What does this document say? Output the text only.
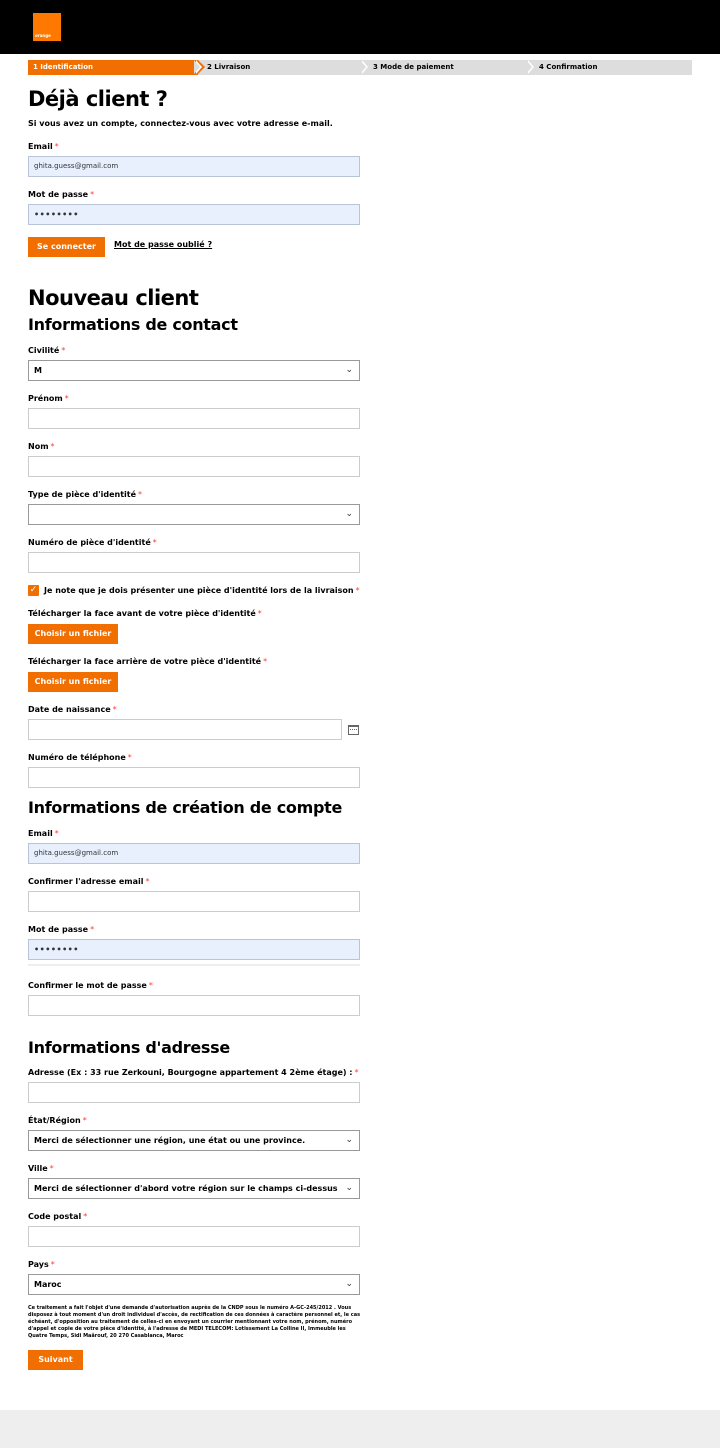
orange
1 Identification	2 Livraison	3 Mode de paiement	4 Confirmation
Déjà client ?
Si vous avez un compte, connectez-vous avec votre adresse e-mail.
Email *
ghita.guess@gmail.com
Mot de passe *
••••••••
Se connecter	Mot de passe oublié ?
Nouveau client
Informations de contact
Civilité *
M	⌄
Prénom *
Nom *
Type de pièce d'identité *
⌄
Numéro de pièce d'identité *
✓ Je note que je dois présenter une pièce d'identité lors de la livraison *
Télécharger la face avant de votre pièce d'identité *
Choisir un fichier
Télécharger la face arrière de votre pièce d'identité *
Choisir un fichier
Date de naissance *
Numéro de téléphone *
Informations de création de compte
Email *
ghita.guess@gmail.com
Confirmer l'adresse email *
Mot de passe *
••••••••
Confirmer le mot de passe *
Informations d'adresse
Adresse (Ex : 33 rue Zerkouni, Bourgogne appartement 4 2ème étage) : *
État/Région *
Merci de sélectionner une région, une état ou une province.	⌄
Ville *
Merci de sélectionner d'abord votre région sur le champs ci-dessus ⌄
Code postal *
Pays *
Maroc	⌄
Ce traitement a fait l'objet d'une demande d'autorisation auprès de la CNDP sous le numéro A-GC-245/2012 . Vous disposez à tout moment d'un droit individuel d'accès, de rectification de ces données à caractère personnel et, le cas échéant, d'opposition au traitement de celles-ci en envoyant un courrier mentionnant votre nom, prénom, numéro d'appel et copie de votre pièce d'identité, à l'adresse de MEDI TELECOM: Lotissement La Colline II, Immeuble les Quatre Temps, Sidi Maârouf, 20 270 Casablanca, Maroc
Suivant
